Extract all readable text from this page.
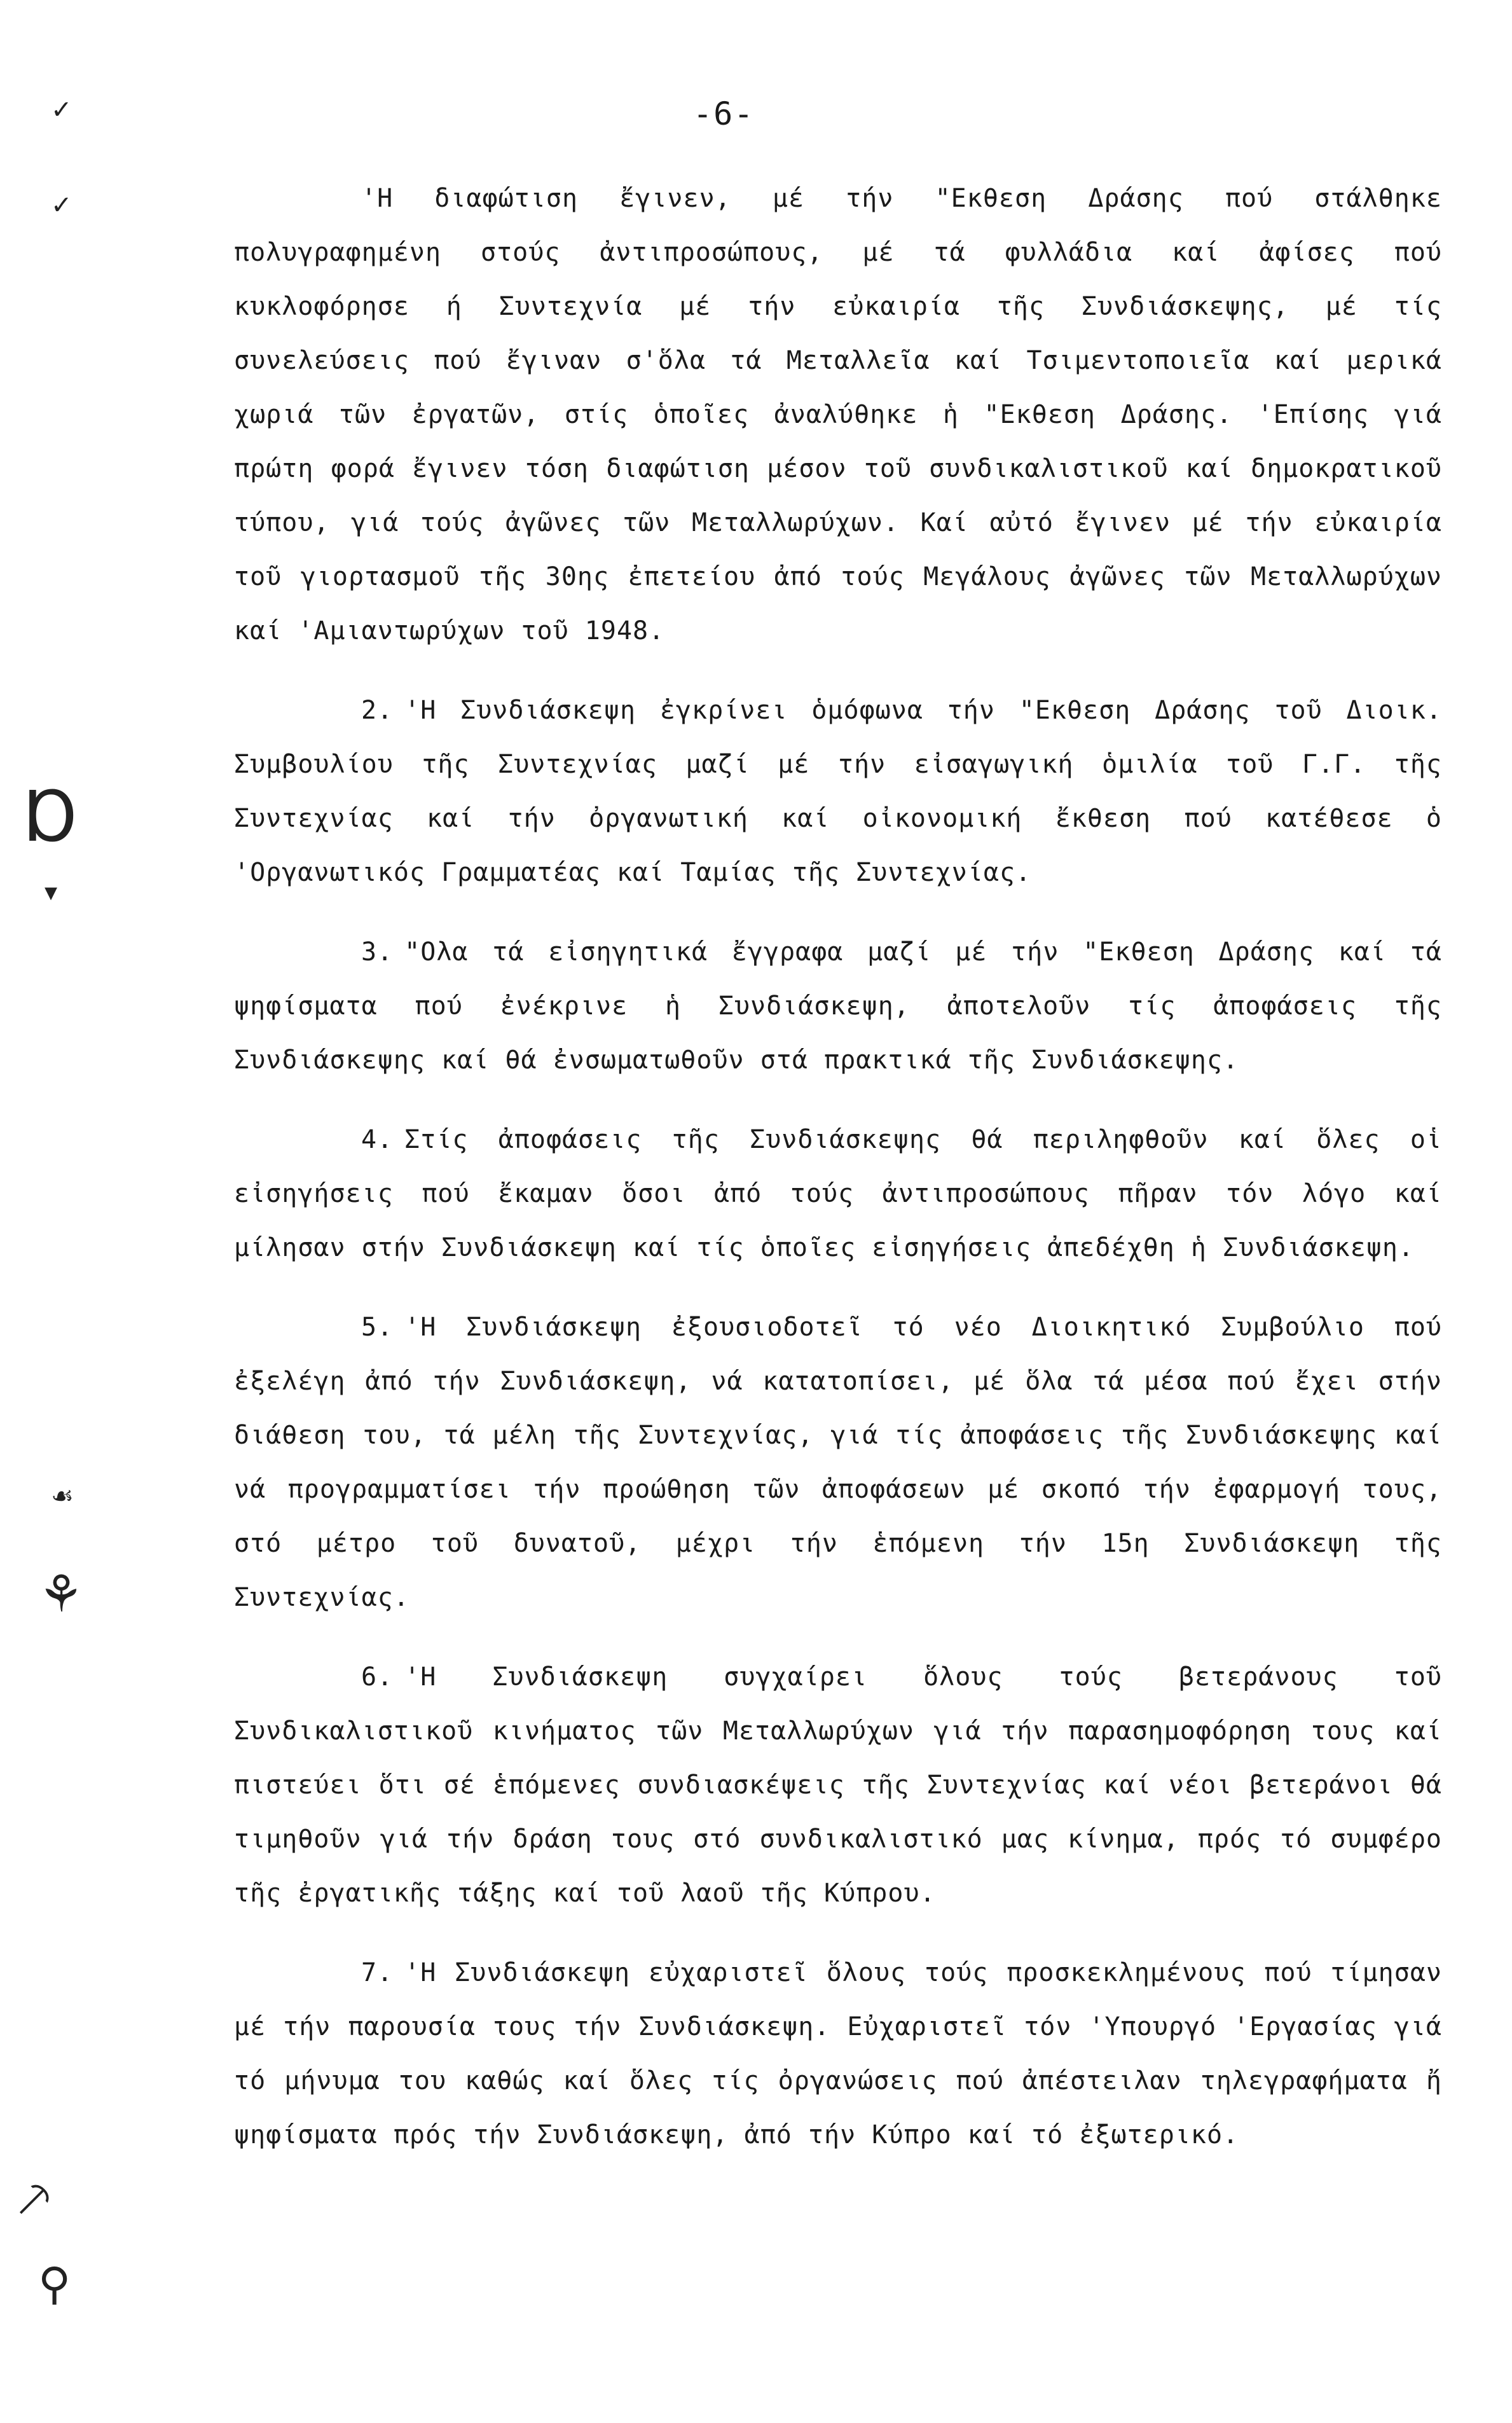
✓
✓
Ɒ
▾
☙
⚘
⸕
⚲
-6-

'Η διαφώτιση ἔγινεν, μέ τήν "Εκθεση Δράσης πού στάλθηκε πολυγραφημένη στούς ἀντιπροσώπους, μέ τά φυλλάδια καί ἀφίσες πού κυκλοφόρησε ή Συντεχνία μέ τήν εὐκαιρία τῆς Συνδιάσκεψης, μέ τίς συνελεύσεις πού ἔγιναν σ'ὅλα τά Μεταλλεῖα καί Τσιμεντοποιεῖα καί μερικά χωριά τῶν ἐργατῶν, στίς ὁποῖες ἀναλύθηκε ἡ "Εκθεση Δράσης. 'Επίσης γιά πρώτη φορά ἔγινεν τόση διαφώτιση μέσον τοῦ συνδικαλιστικοῦ καί δημοκρατικοῦ τύπου, γιά τούς ἀγῶνες τῶν Μεταλλωρύχων. Καί αὐτό ἔγινεν μέ τήν εὐκαιρία τοῦ γιορτασμοῦ τῆς 30ης ἐπετείου ἀπό τούς Μεγάλους ἀγῶνες τῶν Μεταλλωρύχων καί 'Αμιαντωρύχων τοῦ 1948.

2. 'Η Συνδιάσκεψη ἐγκρίνει ὁμόφωνα τήν "Εκθεση Δράσης τοῦ Διοικ. Συμβουλίου τῆς Συντεχνίας μαζί μέ τήν εἰσαγωγική ὁμιλία τοῦ Γ.Γ. τῆς Συντεχνίας καί τήν ὀργανωτική καί οἰκονομική ἔκθεση πού κατέθεσε ὁ 'Οργανωτικός Γραμματέας καί Ταμίας τῆς Συντεχνίας.

3. "Ολα τά εἰσηγητικά ἔγγραφα μαζί μέ τήν "Εκθεση Δράσης καί τά ψηφίσματα πού ἐνέκρινε ἡ Συνδιάσκεψη, ἀποτελοῦν τίς ἀποφάσεις τῆς Συνδιάσκεψης καί θά ἐνσωματωθοῦν στά πρακτικά τῆς Συνδιάσκεψης.

4. Στίς ἀποφάσεις τῆς Συνδιάσκεψης θά περιληφθοῦν καί ὅλες οἱ εἰσηγήσεις πού ἔκαμαν ὅσοι ἀπό τούς ἀντιπροσώπους πῆραν τόν λόγο καί μίλησαν στήν Συνδιάσκεψη καί τίς ὁποῖες εἰσηγήσεις ἀπεδέχθη ἡ Συνδιάσκεψη.

5. 'Η Συνδιάσκεψη ἐξουσιοδοτεῖ τό νέο Διοικητικό Συμβούλιο πού ἐξελέγη ἀπό τήν Συνδιάσκεψη, νά κατατοπίσει, μέ ὅλα τά μέσα πού ἔχει στήν διάθεση του, τά μέλη τῆς Συντεχνίας, γιά τίς ἀποφάσεις τῆς Συνδιάσκεψης καί νά προγραμματίσει τήν προώθηση τῶν ἀποφάσεων μέ σκοπό τήν ἐφαρμογή τους, στό μέτρο τοῦ δυνατοῦ, μέχρι τήν ἑπόμενη τήν 15η Συνδιάσκεψη τῆς Συντεχνίας.

6. 'Η Συνδιάσκεψη συγχαίρει ὅλους τούς βετεράνους τοῦ Συνδικαλιστικοῦ κινήματος τῶν Μεταλλωρύχων γιά τήν παρασημοφόρηση τους καί πιστεύει ὅτι σέ ἑπόμενες συνδιασκέψεις τῆς Συντεχνίας καί νέοι βετεράνοι θά τιμηθοῦν γιά τήν δράση τους στό συνδικαλιστικό μας κίνημα, πρός τό συμφέρο τῆς ἐργατικῆς τάξης καί τοῦ λαοῦ τῆς Κύπρου.

7. 'Η Συνδιάσκεψη εὐχαριστεῖ ὅλους τούς προσκεκλημένους πού τίμησαν μέ τήν παρουσία τους τήν Συνδιάσκεψη. Εὐχαριστεῖ τόν 'Υπουργό 'Εργασίας γιά τό μήνυμα του καθώς καί ὅλες τίς ὀργανώσεις πού ἀπέστειλαν τηλεγραφήματα ἤ ψηφίσματα πρός τήν Συνδιάσκεψη, ἀπό τήν Κύπρο καί τό ἐξωτερικό.
